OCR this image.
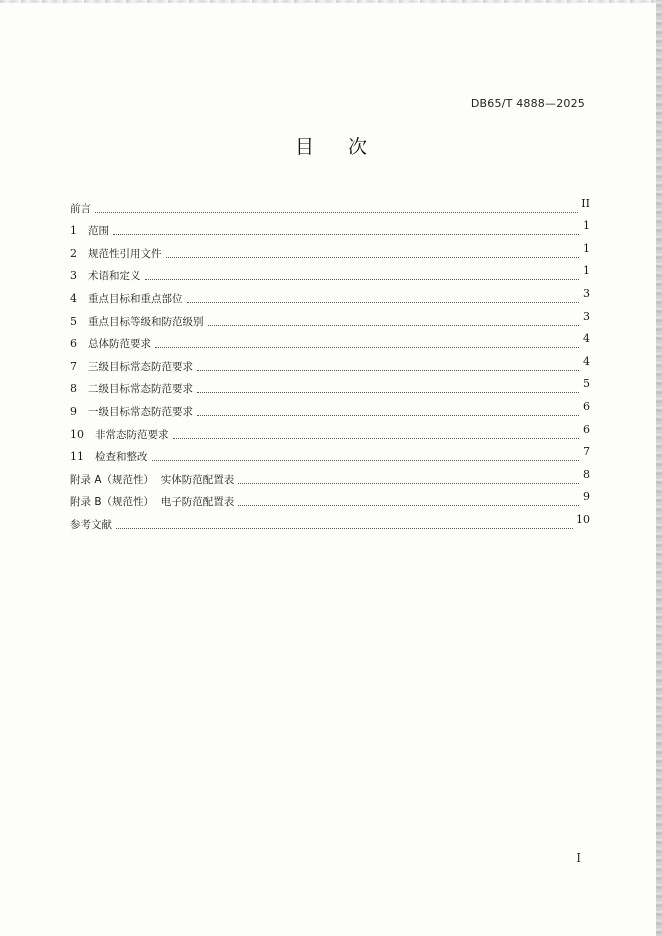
DB65/T 4888—2025
目 次
前言	II
1	范围	1
2	规范性引用文件	1
3	术语和定义	1
4	重点目标和重点部位	3
5	重点目标等级和防范级别	3
6	总体防范要求	4
7	三级目标常态防范要求	4
8	二级目标常态防范要求	5
9	一级目标常态防范要求	6
10	非常态防范要求	6
11	检查和整改	7
附录 A（规范性）  实体防范配置表	8
附录 B（规范性）  电子防范配置表	9
参考文献	10
I
